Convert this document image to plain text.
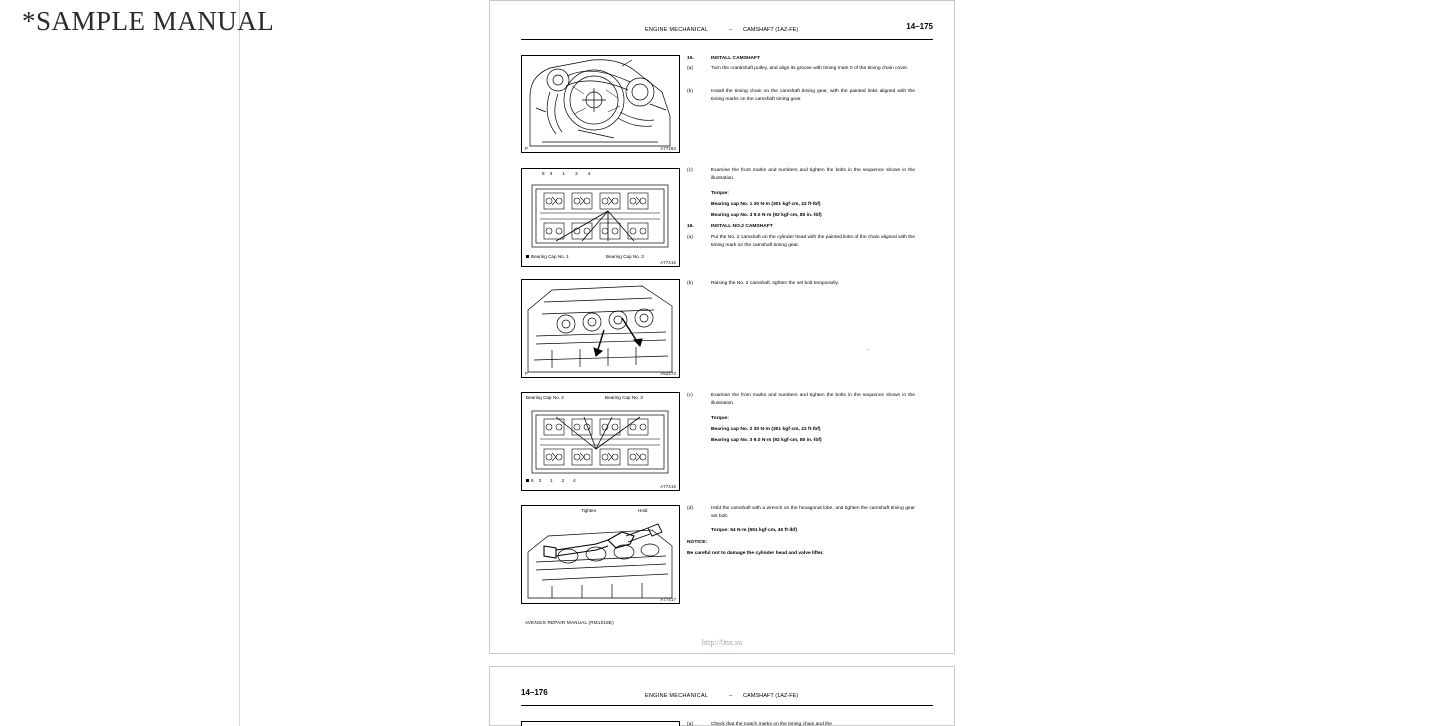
*SAMPLE MANUAL	ENGINE MECHANICAL	– CAMSHAFT (1AZ-FE)	14–175
P	A77284
15.	INSTALL CAMSHAFT
(a)	Turn the crankshaft pulley, and align its groove with timing mark 0 of the timing chain cover.
(b)	Install the timing chain on the camshaft timing gear, with the painted links aligned with the timing marks on the camshaft timing gear.
Bearing Cap No. 1	Bearing Cap No. 3
5    3        1        2        4
A77415
(c)	Examine the front marks and numbers and tighten the bolts in the sequence shown in the illustration.
Torque:
Bearing cap No. 1 30 N·m (301 kgf·cm, 22 ft·lbf)
Bearing cap No. 3 9.0 N·m (92 kgf·cm, 80 in.·lbf)
16.	INSTALL NO.2 CAMSHAFT
(a)	Put the No. 2 camshaft on the cylinder head with the painted links of the chain aligned with the timing mark on the camshaft timing gear.
P	A52473
(b)	Raising the No. 2 camshaft, tighten the set bolt temporarily.
.
Bearing Cap No. 2	Bearing Cap No. 3
5    3       1       2       4
A77416
(c)	Examine the from marks and numbers and tighten the bolts in the sequence shown in the illustration.
Torque:
Bearing cap No. 2 30 N·m (301 kgf·cm, 22 ft·lbf)
Bearing cap No. 3 9.0 N·m (92 kgf·cm, 80 in.·lbf)
Tighten	Hold
A77417
(d)	Hold the camshaft with a wrench on the hexagonal lobe, and tighten the camshaft timing gear set bolt.
Torque: 54 N·m (551 kgf·cm, 40 ft·lbf)
NOTICE:
Be careful not to damage the cylinder head and valve lifter.
AVENSIS REPAIR MANUAL (RM1018E)
http://0nx.su
14–176	ENGINE MECHANICAL	– CAMSHAFT (1AZ-FE)
(a)	Check that the match marks on the timing chain and the
